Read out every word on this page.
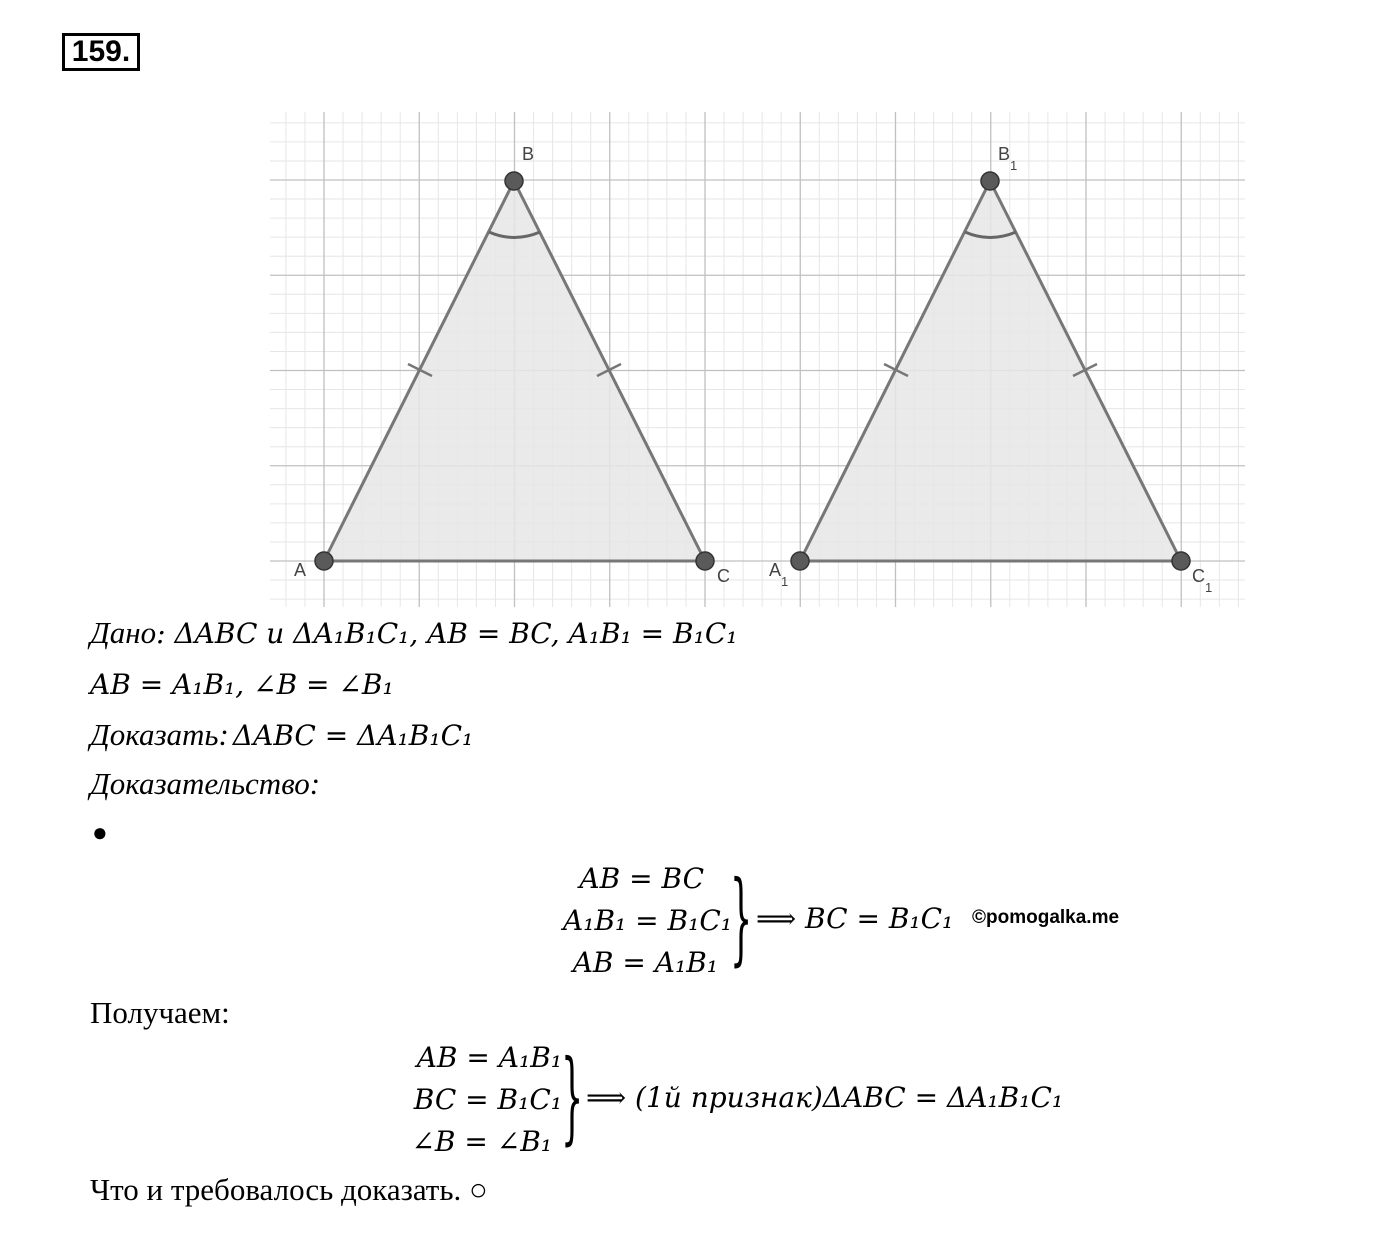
159.
B
A	C
$B_1$
$A_1$	$C_1$
Дано: ΔABC и ΔA₁B₁C₁, AB = BC, A₁B₁ = B₁C₁
AB = A₁B₁, ∠B = ∠B₁
Доказать: ΔABC = ΔA₁B₁C₁
Доказательство:
●
AB = BC
A₁B₁ = B₁C₁
AB = A₁B₁ } ⟹ BC = B₁C₁ ©pomogalka.me
Получаем:
AB = A₁B₁
BC = B₁C₁
∠B = ∠B₁ } ⟹ (1й признак)ΔABC = ΔA₁B₁C₁
Что и требовалось доказать. ○
